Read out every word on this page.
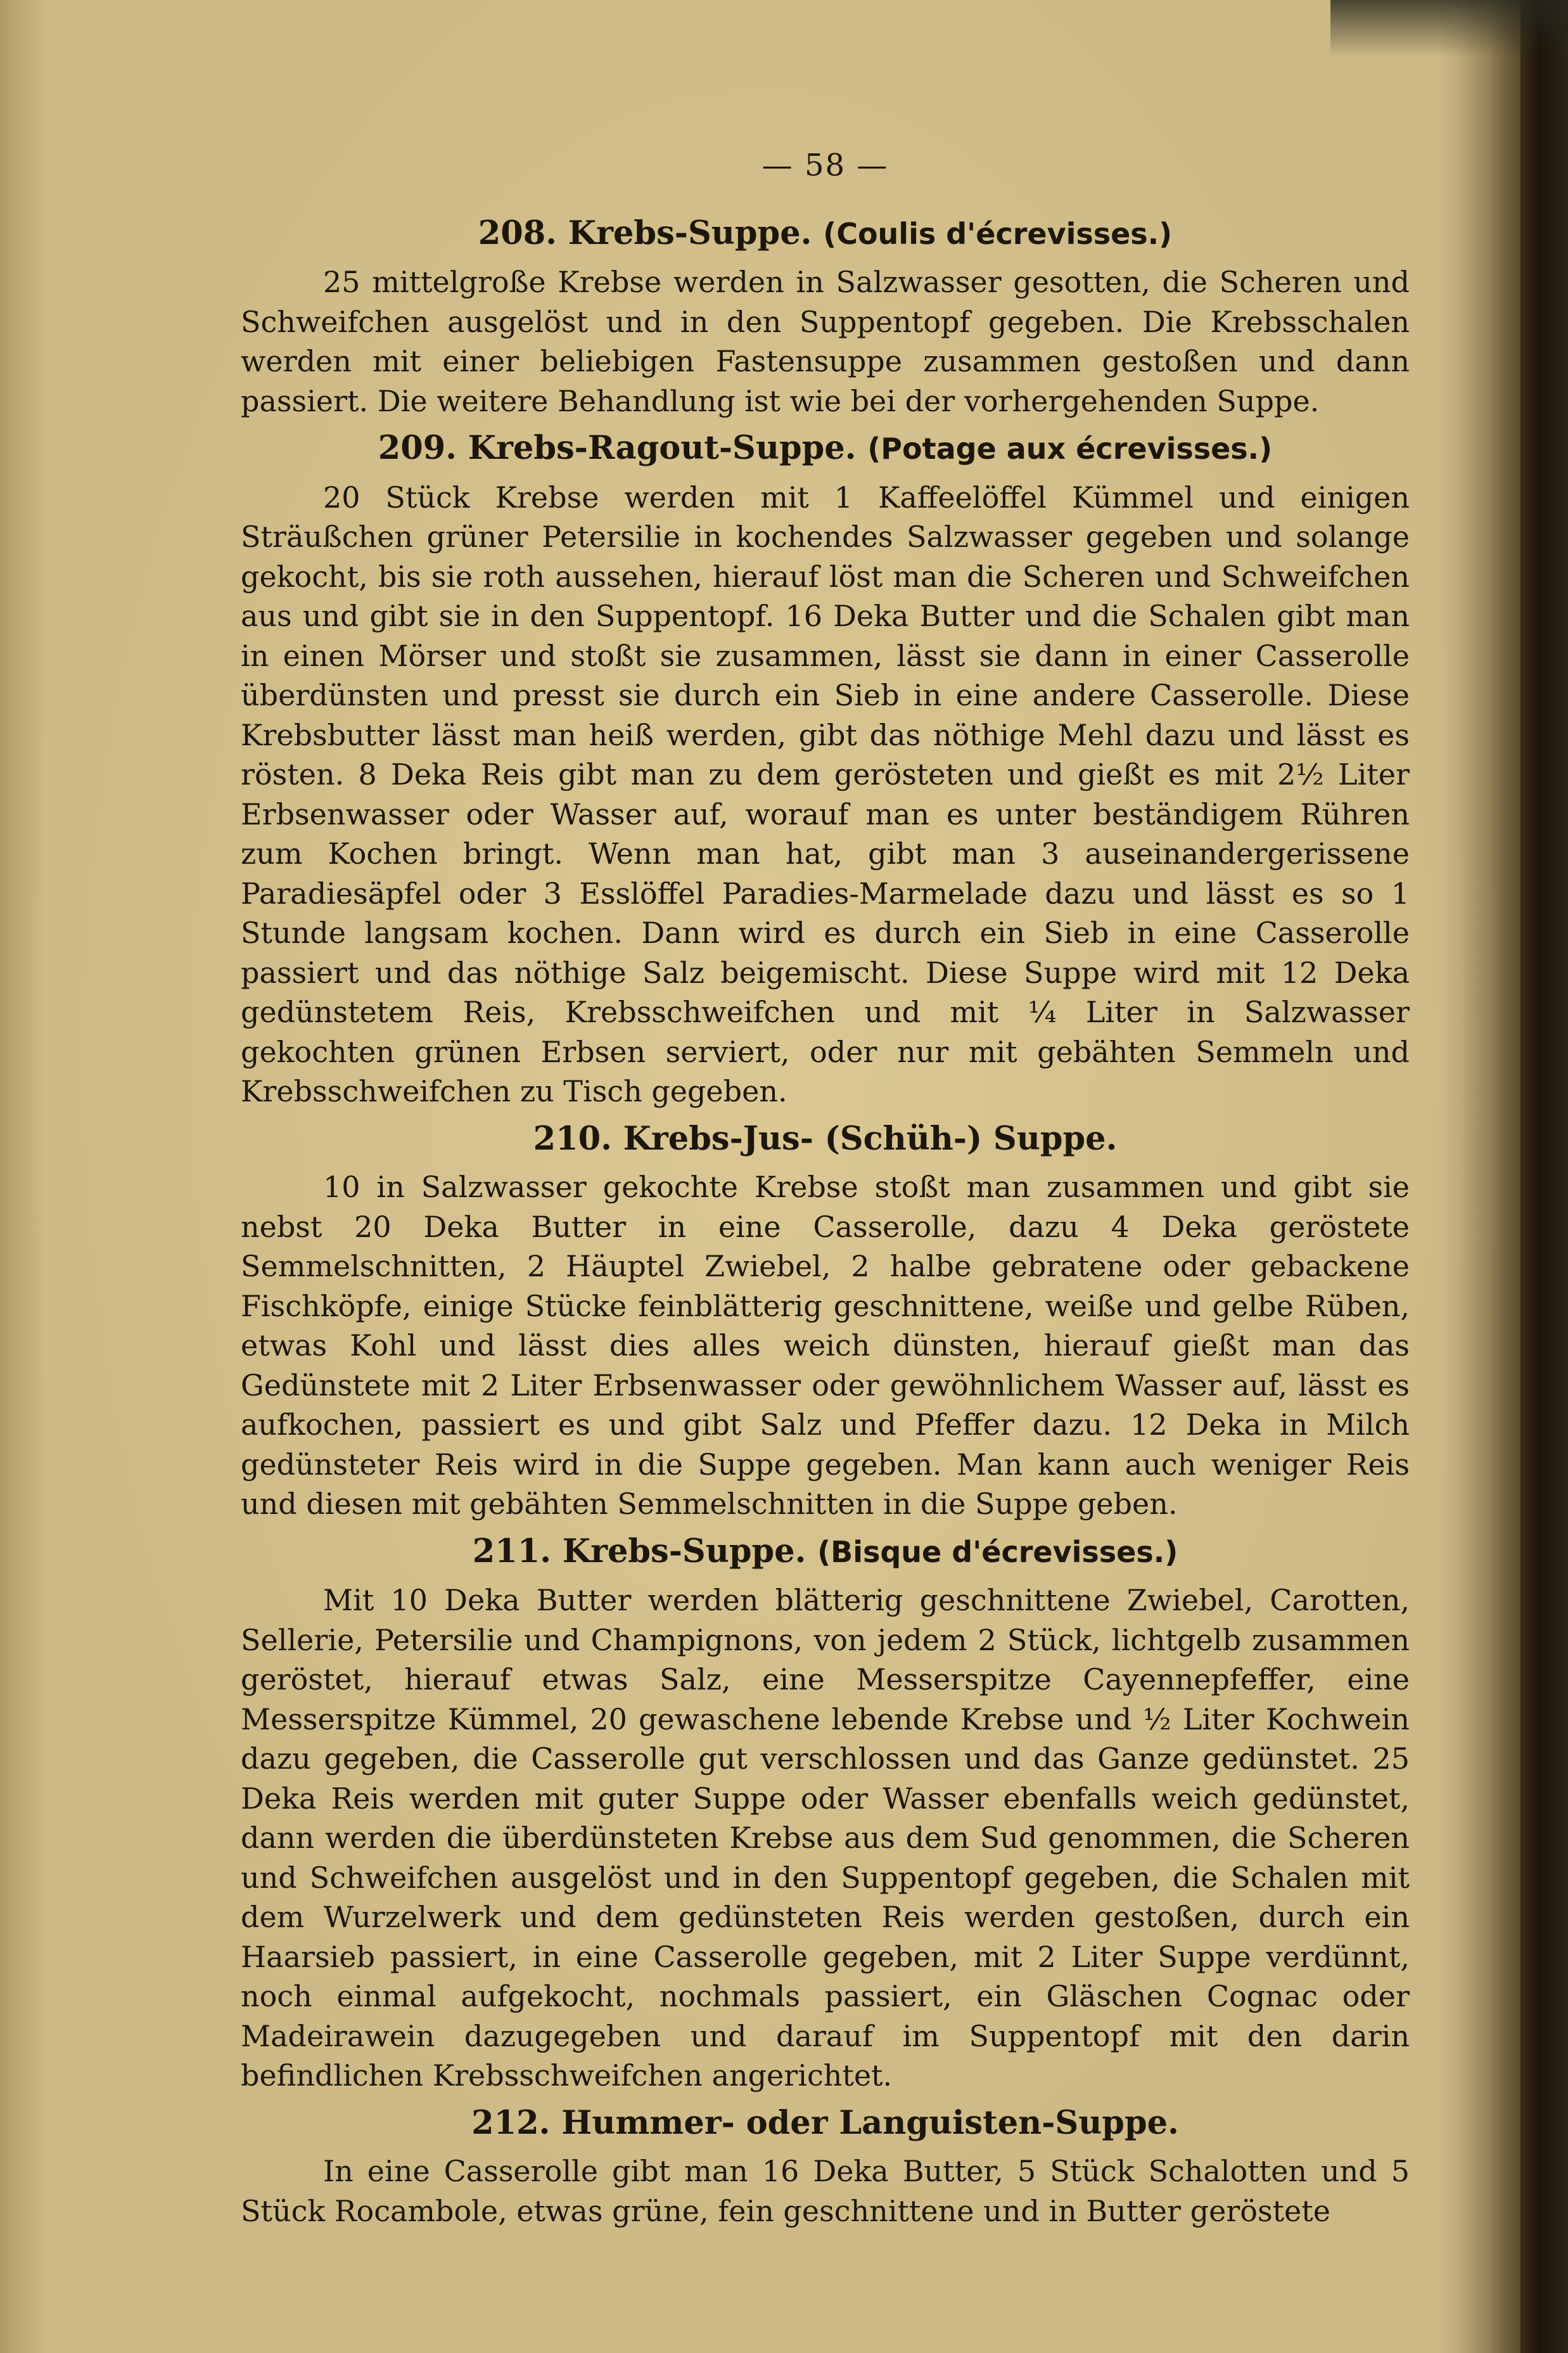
— 58 —
208. Krebs-Suppe. (Coulis d'écrevisses.)

25 mittelgroße Krebse werden in Salzwasser gesotten, die Scheren und Schweifchen ausgelöst und in den Suppentopf gegeben. Die Krebsschalen werden mit einer beliebigen Fastensuppe zusammen gestoßen und dann passiert. Die weitere Behandlung ist wie bei der vorhergehenden Suppe.

209. Krebs-Ragout-Suppe. (Potage aux écrevisses.)

20 Stück Krebse werden mit 1 Kaffeelöffel Kümmel und einigen Sträußchen grüner Petersilie in kochendes Salzwasser gegeben und solange gekocht, bis sie roth aussehen, hierauf löst man die Scheren und Schweifchen aus und gibt sie in den Suppentopf. 16 Deka Butter und die Schalen gibt man in einen Mörser und stoßt sie zusammen, lässt sie dann in einer Casserolle überdünsten und presst sie durch ein Sieb in eine andere Casserolle. Diese Krebsbutter lässt man heiß werden, gibt das nöthige Mehl dazu und lässt es rösten. 8 Deka Reis gibt man zu dem gerösteten und gießt es mit 2½ Liter Erbsenwasser oder Wasser auf, worauf man es unter beständigem Rühren zum Kochen bringt. Wenn man hat, gibt man 3 auseinandergerissene Paradiesäpfel oder 3 Esslöffel Paradies-Marmelade dazu und lässt es so 1 Stunde langsam kochen. Dann wird es durch ein Sieb in eine Casserolle passiert und das nöthige Salz beigemischt. Diese Suppe wird mit 12 Deka gedünstetem Reis, Krebsschweifchen und mit ¼ Liter in Salzwasser gekochten grünen Erbsen serviert, oder nur mit gebähten Semmeln und Krebsschweifchen zu Tisch gegeben.

210. Krebs-Jus- (Schüh-) Suppe.

10 in Salzwasser gekochte Krebse stoßt man zusammen und gibt sie nebst 20 Deka Butter in eine Casserolle, dazu 4 Deka geröstete Semmelschnitten, 2 Häuptel Zwiebel, 2 halbe gebratene oder gebackene Fischköpfe, einige Stücke feinblätterig geschnittene, weiße und gelbe Rüben, etwas Kohl und lässt dies alles weich dünsten, hierauf gießt man das Gedünstete mit 2 Liter Erbsenwasser oder gewöhnlichem Wasser auf, lässt es aufkochen, passiert es und gibt Salz und Pfeffer dazu. 12 Deka in Milch gedünsteter Reis wird in die Suppe gegeben. Man kann auch weniger Reis und diesen mit gebähten Semmelschnitten in die Suppe geben.

211. Krebs-Suppe. (Bisque d'écrevisses.)

Mit 10 Deka Butter werden blätterig geschnittene Zwiebel, Carotten, Sellerie, Petersilie und Champignons, von jedem 2 Stück, lichtgelb zusammen geröstet, hierauf etwas Salz, eine Messerspitze Cayennepfeffer, eine Messerspitze Kümmel, 20 gewaschene lebende Krebse und ½ Liter Kochwein dazu gegeben, die Casserolle gut verschlossen und das Ganze gedünstet. 25 Deka Reis werden mit guter Suppe oder Wasser ebenfalls weich gedünstet, dann werden die überdünsteten Krebse aus dem Sud genommen, die Scheren und Schweifchen ausgelöst und in den Suppentopf gegeben, die Schalen mit dem Wurzelwerk und dem gedünsteten Reis werden gestoßen, durch ein Haarsieb passiert, in eine Casserolle gegeben, mit 2 Liter Suppe verdünnt, noch einmal aufgekocht, nochmals passiert, ein Gläschen Cognac oder Madeirawein dazugegeben und darauf im Suppentopf mit den darin befindlichen Krebsschweifchen angerichtet.

212. Hummer- oder Languisten-Suppe.

In eine Casserolle gibt man 16 Deka Butter, 5 Stück Schalotten und 5 Stück Rocambole, etwas grüne, fein geschnittene und in Butter geröstete
